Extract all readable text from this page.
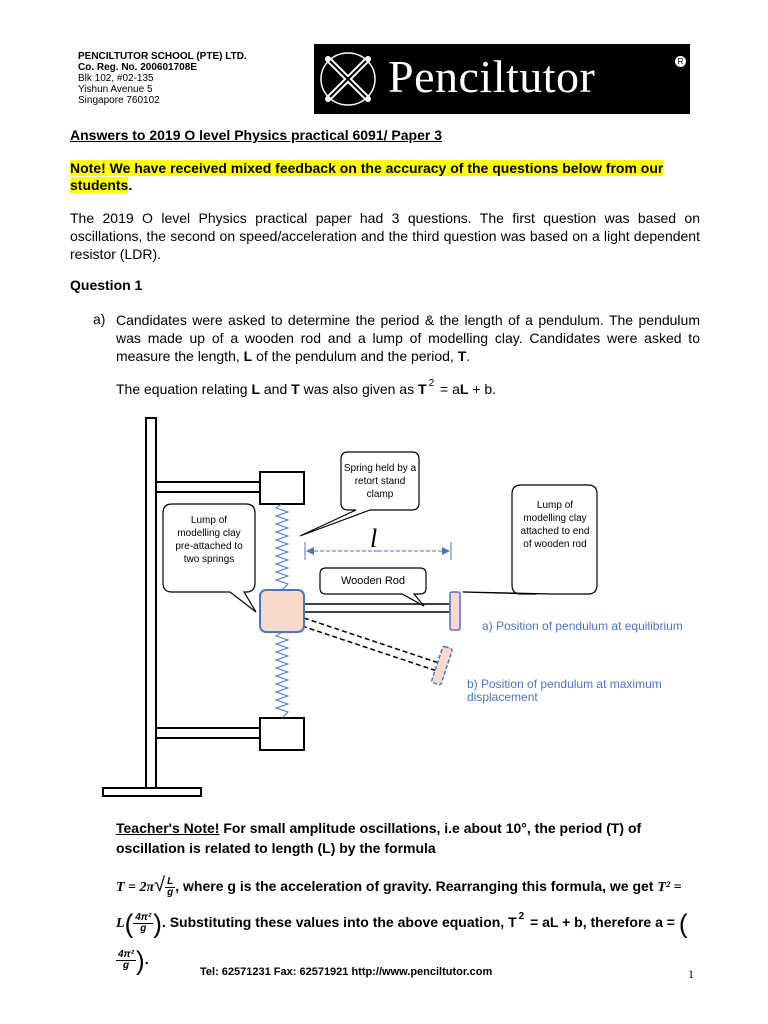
PENCILTUTOR SCHOOL (PTE) LTD.
Co. Reg. No. 200601708E
Blk 102, #02-135
Yishun Avenue 5
Singapore 760102	Penciltutor	R
Answers to 2019 O level Physics practical 6091/ Paper 3
Note! We have received mixed feedback on the accuracy of the questions below from our students.
The 2019 O level Physics practical paper had 3 questions. The first question was based on oscillations, the second on speed/acceleration and the third question was based on a light dependent resistor (LDR).
Question 1
a) Candidates were asked to determine the period & the length of a pendulum. The pendulum was made up of a wooden rod and a lump of modelling clay. Candidates were asked to measure the length, L of the pendulum and the period, T.
The equation relating L and T was also given as T $^2$ = aL + b.
Spring held by a retort stand clamp
Lump of modelling clay pre-attached to two springs
Lump of modelling clay attached to end of wooden rod
Wooden Rod
l
a) Position of pendulum at equilibrium
b) Position of pendulum at maximum displacement
Teacher's Note! For small amplitude oscillations, i.e about 10°, the period (T) of oscillation is related to length (L) by the formula
$T = 2\pi√ \frac{L}{g}$ , where g is the acceleration of gravity. Rearranging this formula, we get $T^2 = L( \frac{\text{4π²}}{g}$ ). Substituting these values into the above equation, T $^2$ = aL + b, therefore a = (
$\frac{\text{4π²}}{g}$ ).
Tel: 62571231 Fax: 62571921 http://www.penciltutor.com	1
